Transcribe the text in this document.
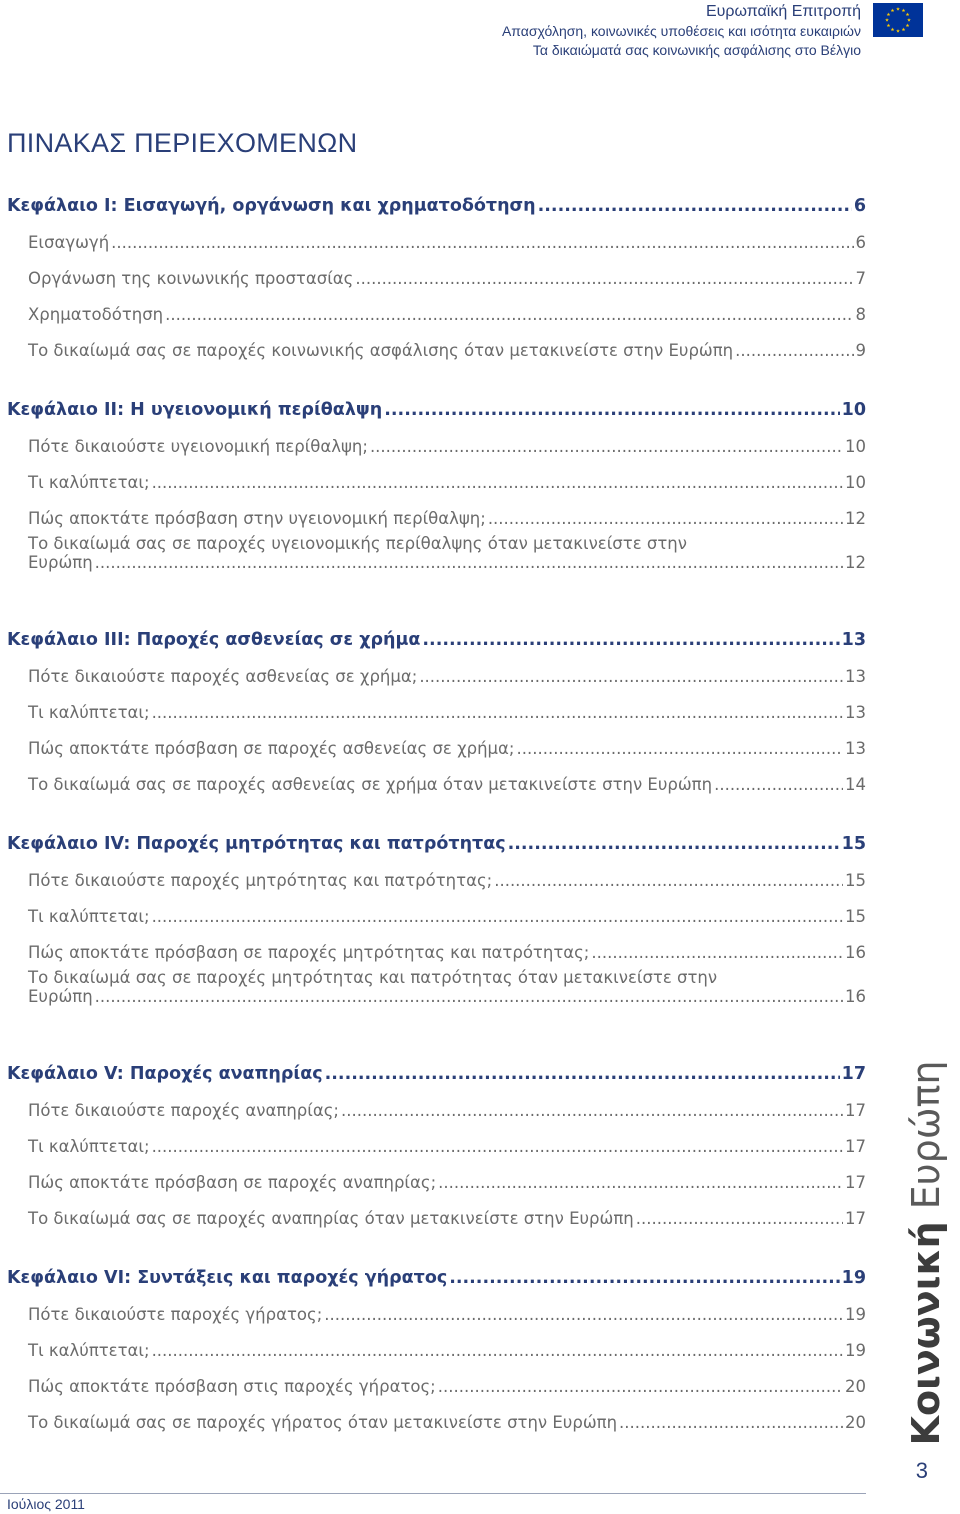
Ευρωπαϊκή Επιτροπή
Απασχόληση, κοινωνικές υποθέσεις και ισότητα ευκαιριών
Τα δικαιώματά σας κοινωνικής ασφάλισης στο Βέλγιο
ΠΙΝΑΚΑΣ ΠΕΡΙΕΧΟΜΕΝΩΝ
Κεφάλαιο I: Εισαγωγή, οργάνωση και χρηματοδότηση .....	6
Εισαγωγή .....	6
Οργάνωση της κοινωνικής προστασίας .....	7
Χρηματοδότηση .....	8
Το δικαίωμά σας σε παροχές κοινωνικής ασφάλισης όταν μετακινείστε στην Ευρώπη .....	9
Κεφάλαιο II: Η υγειονομική περίθαλψη .....	10
Πότε δικαιούστε υγειονομική περίθαλψη; .....	10
Τι καλύπτεται; .....	10
Πώς αποκτάτε πρόσβαση στην υγειονομική περίθαλψη; .....	12
Το δικαίωμά σας σε παροχές υγειονομικής περίθαλψης όταν μετακινείστε στην
Ευρώπη .....	12
Κεφάλαιο III: Παροχές ασθενείας σε χρήμα .....	13
Πότε δικαιούστε παροχές ασθενείας σε χρήμα; .....	13
Τι καλύπτεται; .....	13
Πώς αποκτάτε πρόσβαση σε παροχές ασθενείας σε χρήμα; .....	13
Το δικαίωμά σας σε παροχές ασθενείας σε χρήμα όταν μετακινείστε στην Ευρώπη .....	14
Κεφάλαιο IV: Παροχές μητρότητας και πατρότητας .....	15
Πότε δικαιούστε παροχές μητρότητας και πατρότητας; .....	15
Τι καλύπτεται; .....	15
Πώς αποκτάτε πρόσβαση σε παροχές μητρότητας και πατρότητας; .....	16
Το δικαίωμά σας σε παροχές μητρότητας και πατρότητας όταν μετακινείστε στην
Ευρώπη .....	16
Κεφάλαιο V: Παροχές αναπηρίας .....	17
Πότε δικαιούστε παροχές αναπηρίας; .....	17
Τι καλύπτεται; .....	17
Πώς αποκτάτε πρόσβαση σε παροχές αναπηρίας; .....	17
Το δικαίωμά σας σε παροχές αναπηρίας όταν μετακινείστε στην Ευρώπη .....	17
Κεφάλαιο VI: Συντάξεις και παροχές γήρατος .....	19
Πότε δικαιούστε παροχές γήρατος; .....	19
Τι καλύπτεται; .....	19
Πώς αποκτάτε πρόσβαση στις παροχές γήρατος; .....	20
Το δικαίωμά σας σε παροχές γήρατος όταν μετακινείστε στην Ευρώπη .....	20 Κοινωνική Ευρώπη
3
Ιούλιος 2011
